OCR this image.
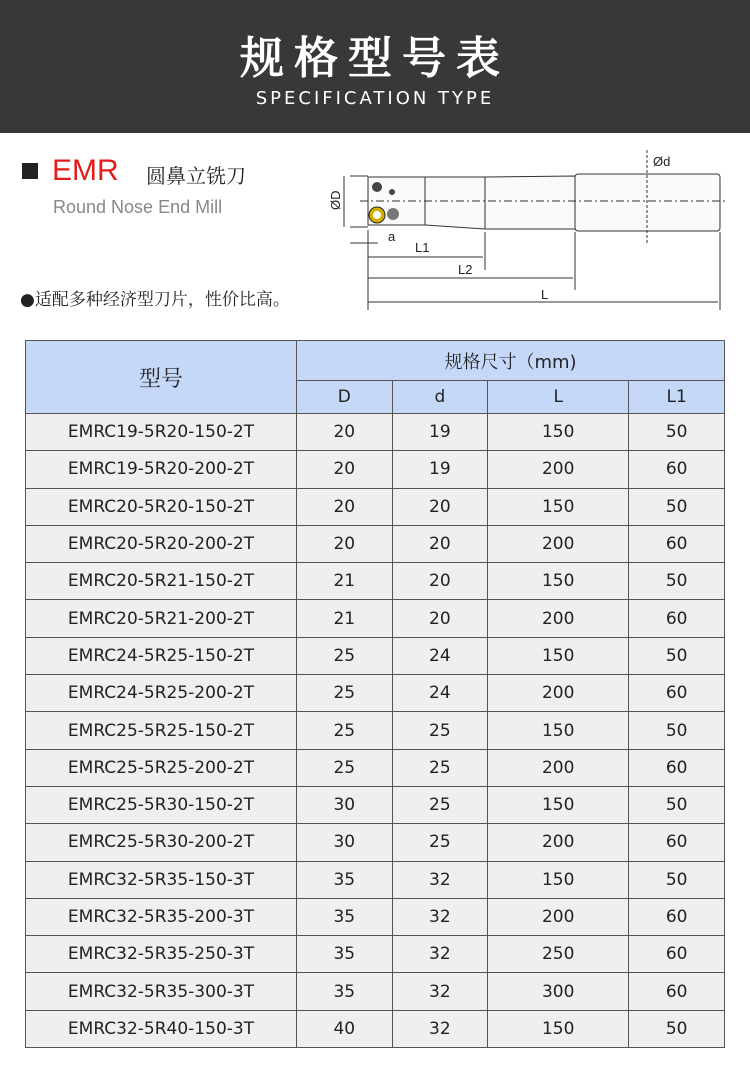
规格型号表
SPECIFICATION TYPE
EMR 圆鼻立铣刀
Round Nose End Mill
●适配多种经济型刀片，性价比高。
ØD
Ød
a
L1
L2
L
型号	规格尺寸（mm)			
	D	d	L	L1
EMRC19-5R20-150-2T	20	19	150	50
EMRC19-5R20-200-2T	20	19	200	60
EMRC20-5R20-150-2T	20	20	150	50
EMRC20-5R20-200-2T	20	20	200	60
EMRC20-5R21-150-2T	21	20	150	50
EMRC20-5R21-200-2T	21	20	200	60
EMRC24-5R25-150-2T	25	24	150	50
EMRC24-5R25-200-2T	25	24	200	60
EMRC25-5R25-150-2T	25	25	150	50
EMRC25-5R25-200-2T	25	25	200	60
EMRC25-5R30-150-2T	30	25	150	50
EMRC25-5R30-200-2T	30	25	200	60
EMRC32-5R35-150-3T	35	32	150	50
EMRC32-5R35-200-3T	35	32	200	60
EMRC32-5R35-250-3T	35	32	250	60
EMRC32-5R35-300-3T	35	32	300	60
EMRC32-5R40-150-3T	40	32	150	50
